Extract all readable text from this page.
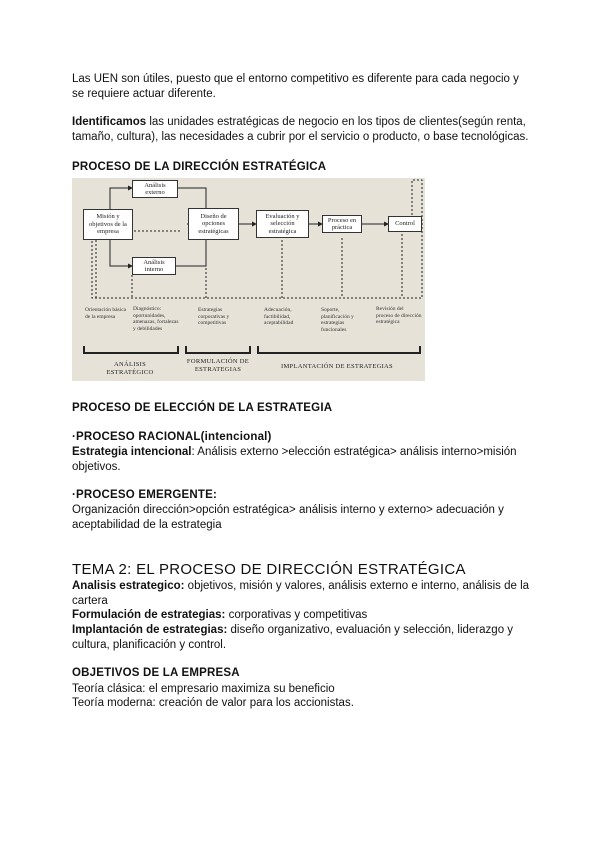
Las UEN son útiles, puesto que el entorno competitivo es diferente para cada negocio y se requiere actuar diferente.

Identificamos las unidades estratégicas de negocio en los tipos de clientes(según renta, tamaño, cultura), las necesidades a cubrir por el servicio o producto, o base tecnológicas.

PROCESO DE LA DIRECCIÓN ESTRATÉGICA

Misión y objetivos de la empresa
Análisis externo
Análisis interno
Diseño de opciones estratégicas
Evaluación y selección estratégica
Proceso en práctica
Control
Orientación básica de la empresa
Diagnóstico: oportunidades, amenazas, fortalezas y debilidades
Estrategias corporativas y competitivas
Adecuación, factibilidad, aceptabilidad
Soporte, planificación y estrategias funcionales
Revisión del proceso de dirección estratégica
ANÁLISIS ESTRATÉGICO
FORMULACIÓN DE ESTRATEGIAS	IMPLANTACIÓN DE ESTRATEGIAS

PROCESO DE ELECCIÓN DE LA ESTRATEGIA

·PROCESO RACIONAL(intencional)

Estrategia intencional: Análisis externo >elección estratégica> análisis interno>misión objetivos.

·PROCESO EMERGENTE:

Organización dirección>opción estratégica> análisis interno y externo> adecuación y aceptabilidad de la estrategia

TEMA 2: EL PROCESO DE DIRECCIÓN ESTRATÉGICA

Analisis estrategico: objetivos, misión y valores, análisis externo e interno, análisis de la cartera

Formulación de estrategias: corporativas y competitivas

Implantación de estrategias: diseño organizativo, evaluación y selección, liderazgo y cultura, planificación y control.

OBJETIVOS DE LA EMPRESA

Teoría clásica: el empresario maximiza su beneficio

Teoría moderna: creación de valor para los accionistas.
